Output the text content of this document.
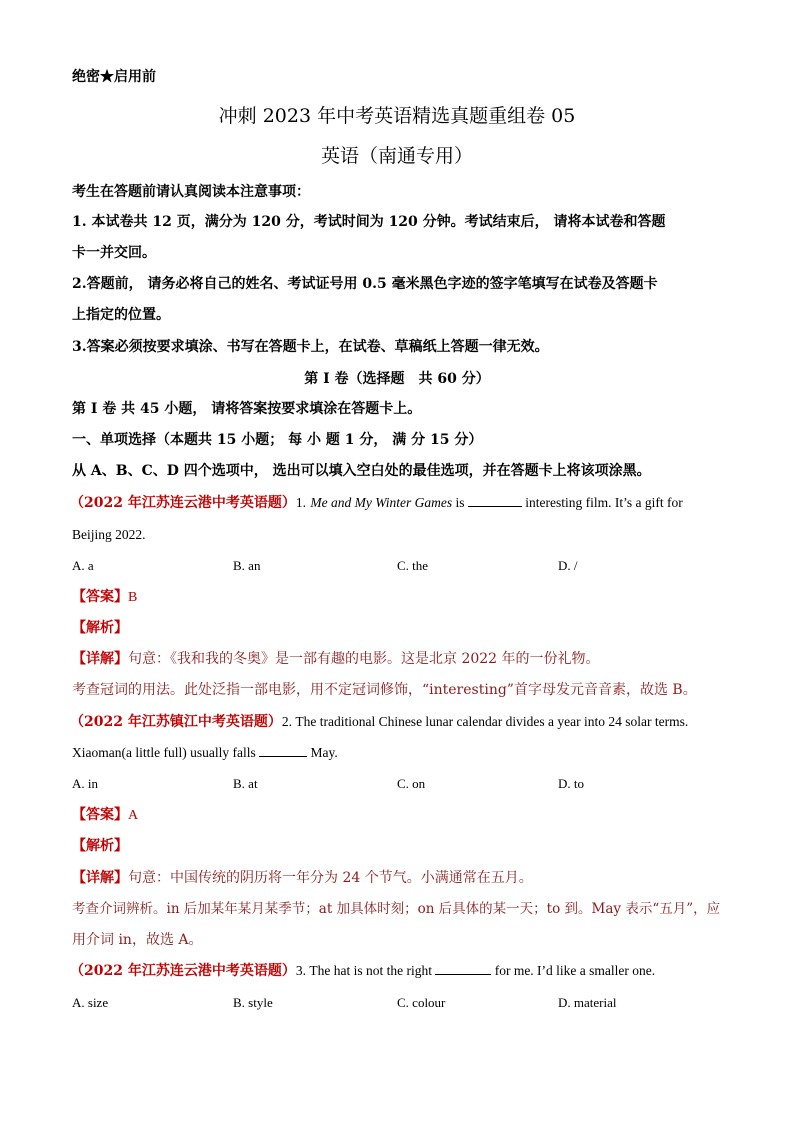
绝密★启用前
冲刺 2023 年中考英语精选真题重组卷 05
英语（南通专用）
考生在答题前请认真阅读本注意事项：
1. 本试卷共 12 页，满分为 120 分，考试时间为 120 分钟。考试结束后， 请将本试卷和答题
卡一并交回。
2.答题前， 请务必将自己的姓名、考试证号用 0.5 毫米黑色字迹的签字笔填写在试卷及答题卡
上指定的位置。
3.答案必须按要求填涂、书写在答题卡上，在试卷、草稿纸上答题一律无效。
第 I 卷（选择题　共 60 分）
第 I 卷 共 45 小题， 请将答案按要求填涂在答题卡上。
一、单项选择（本题共 15 小题； 每 小 题 1 分， 满 分 15 分）
从 A、B、C、D 四个选项中， 选出可以填入空白处的最佳选项，并在答题卡上将该项涂黑。
（2022 年江苏连云港中考英语题）1. Me and My Winter Games is	interesting film. It’s a gift for
Beijing 2022.
A. a	B. an	C. the	D. /
【答案】B
【解析】
【详解】句意：《我和我的冬奥》是一部有趣的电影。这是北京 2022 年的一份礼物。
考查冠词的用法。此处泛指一部电影，用不定冠词修饰，“interesting”首字母发元音音素，故选 B。
（2022 年江苏镇江中考英语题）2. The traditional Chinese lunar calendar divides a year into 24 solar terms.
Xiaoman(a little full) usually falls	May.
A. in	B. at	C. on	D. to
【答案】A
【解析】
【详解】句意：中国传统的阴历将一年分为 24 个节气。小满通常在五月。
考查介词辨析。in 后加某年某月某季节；at 加具体时刻；on 后具体的某一天；to 到。May 表示“五月”，应
用介词 in，故选 A。
（2022 年江苏连云港中考英语题）3. The hat is not the right	for me. I’d like a smaller one.
A. size	B. style	C. colour	D. material
